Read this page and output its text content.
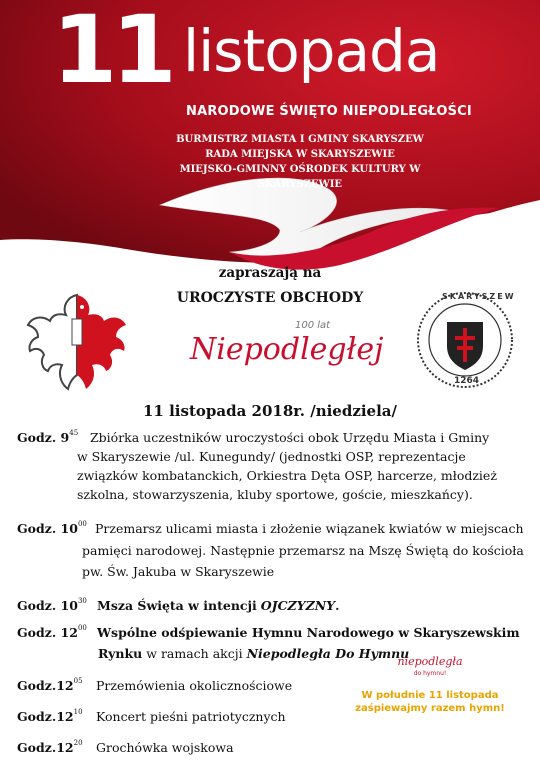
11 listopada
NARODOWE ŚWIĘTO NIEPODLEGŁOŚCI
BURMISTRZ MIASTA I GMINY SKARYSZEW
RADA MIEJSKA W SKARYSZEWIE
MIEJSKO-GMINNY OŚRODEK KULTURY W SKARYSZEWIE
zapraszają na
UROCZYSTE OBCHODY
100 lat
Niepodległej
SKARYSZEW
1264
11 listopada 2018r. /niedziela/
Godz. $9^{45}$ Zbiórka uczestników uroczystości obok Urzędu Miasta i Gminy
w Skaryszewie /ul. Kunegundy/ (jednostki OSP, reprezentacje
związków kombatanckich, Orkiestra Dęta OSP, harcerze, młodzież
szkolna, stowarzyszenia, kluby sportowe, goście, mieszkańcy).
Godz. $10^{00}$ Przemarsz ulicami miasta i złożenie wiązanek kwiatów w miejscach
pamięci narodowej. Następnie przemarsz na Mszę Świętą do kościoła
pw. Św. Jakuba w Skaryszewie
Godz. $10^{30}$ Msza Święta w intencji OJCZYZNY.
Godz. $12^{00}$ Wspólne odśpiewanie Hymnu Narodowego w Skaryszewskim
Rynku w ramach akcji Niepodległa Do Hymnu
$Godz.12^{05}$ Przemówienia okolicznościowe
$Godz.12^{10}$ Koncert pieśni patriotycznych
$Godz.12^{20}$ Grochówka wojskowa
niepodległa
do hymnu!
W południe 11 listopada
zaśpiewajmy razem hymn!
